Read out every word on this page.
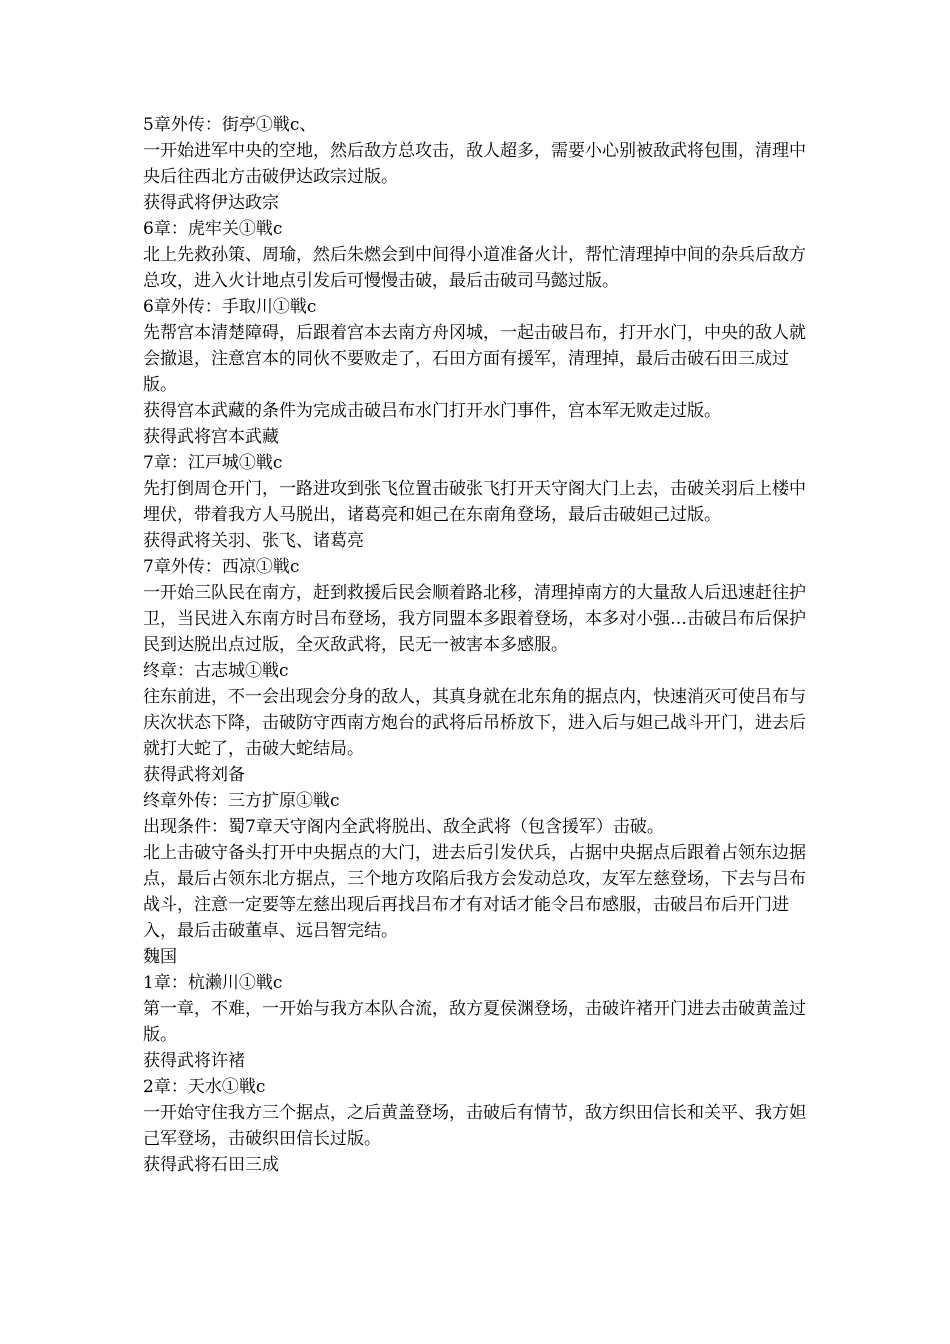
5章外传：街亭①戦c、

一开始进军中央的空地，然后敌方总攻击，敌人超多，需要小心别被敌武将包围，清理中央后往西北方击破伊达政宗过版。

获得武将伊达政宗

6章：虎牢关①戦c

北上先救孙策、周瑜，然后朱燃会到中间得小道准备火计，帮忙清理掉中间的杂兵后敌方总攻，进入火计地点引发后可慢慢击破，最后击破司马懿过版。

6章外传：手取川①戦c

先帮宫本清楚障碍，后跟着宫本去南方舟冈城，一起击破吕布，打开水门，中央的敌人就会撤退，注意宫本的同伙不要败走了，石田方面有援军，清理掉，最后击破石田三成过版。

获得宫本武藏的条件为完成击破吕布水门打开水门事件，宫本军无败走过版。

获得武将宫本武藏

7章：江戸城①戦c

先打倒周仓开门，一路进攻到张飞位置击破张飞打开天守阁大门上去，击破关羽后上楼中埋伏，带着我方人马脱出，诸葛亮和妲己在东南角登场，最后击破妲己过版。

获得武将关羽、张飞、诸葛亮

7章外传：西凉①戦c

一开始三队民在南方，赶到救援后民会顺着路北移，清理掉南方的大量敌人后迅速赶往护卫，当民进入东南方时吕布登场，我方同盟本多跟着登场，本多对小强…击破吕布后保护民到达脱出点过版，全灭敌武将，民无一被害本多感服。

终章：古志城①戦c

往东前进，不一会出现会分身的敌人，其真身就在北东角的据点内，快速消灭可使吕布与庆次状态下降，击破防守西南方炮台的武将后吊桥放下，进入后与妲己战斗开门，进去后就打大蛇了，击破大蛇结局。

获得武将刘备

终章外传：三方扩原①戦c

出现条件：蜀7章天守阁内全武将脱出、敌全武将（包含援军）击破。

北上击破守备头打开中央据点的大门，进去后引发伏兵，占据中央据点后跟着占领东边据点，最后占领东北方据点，三个地方攻陷后我方会发动总攻，友军左慈登场，下去与吕布战斗，注意一定要等左慈出现后再找吕布才有对话才能令吕布感服，击破吕布后开门进入，最后击破董卓、远吕智完结。

魏国

1章：杭濑川①戦c

第一章，不难，一开始与我方本队合流，敌方夏侯渊登场，击破许褚开门进去击破黄盖过版。

获得武将许褚

2章：天水①戦c

一开始守住我方三个据点，之后黄盖登场，击破后有情节，敌方织田信长和关平、我方妲己军登场，击破织田信长过版。

获得武将石田三成
